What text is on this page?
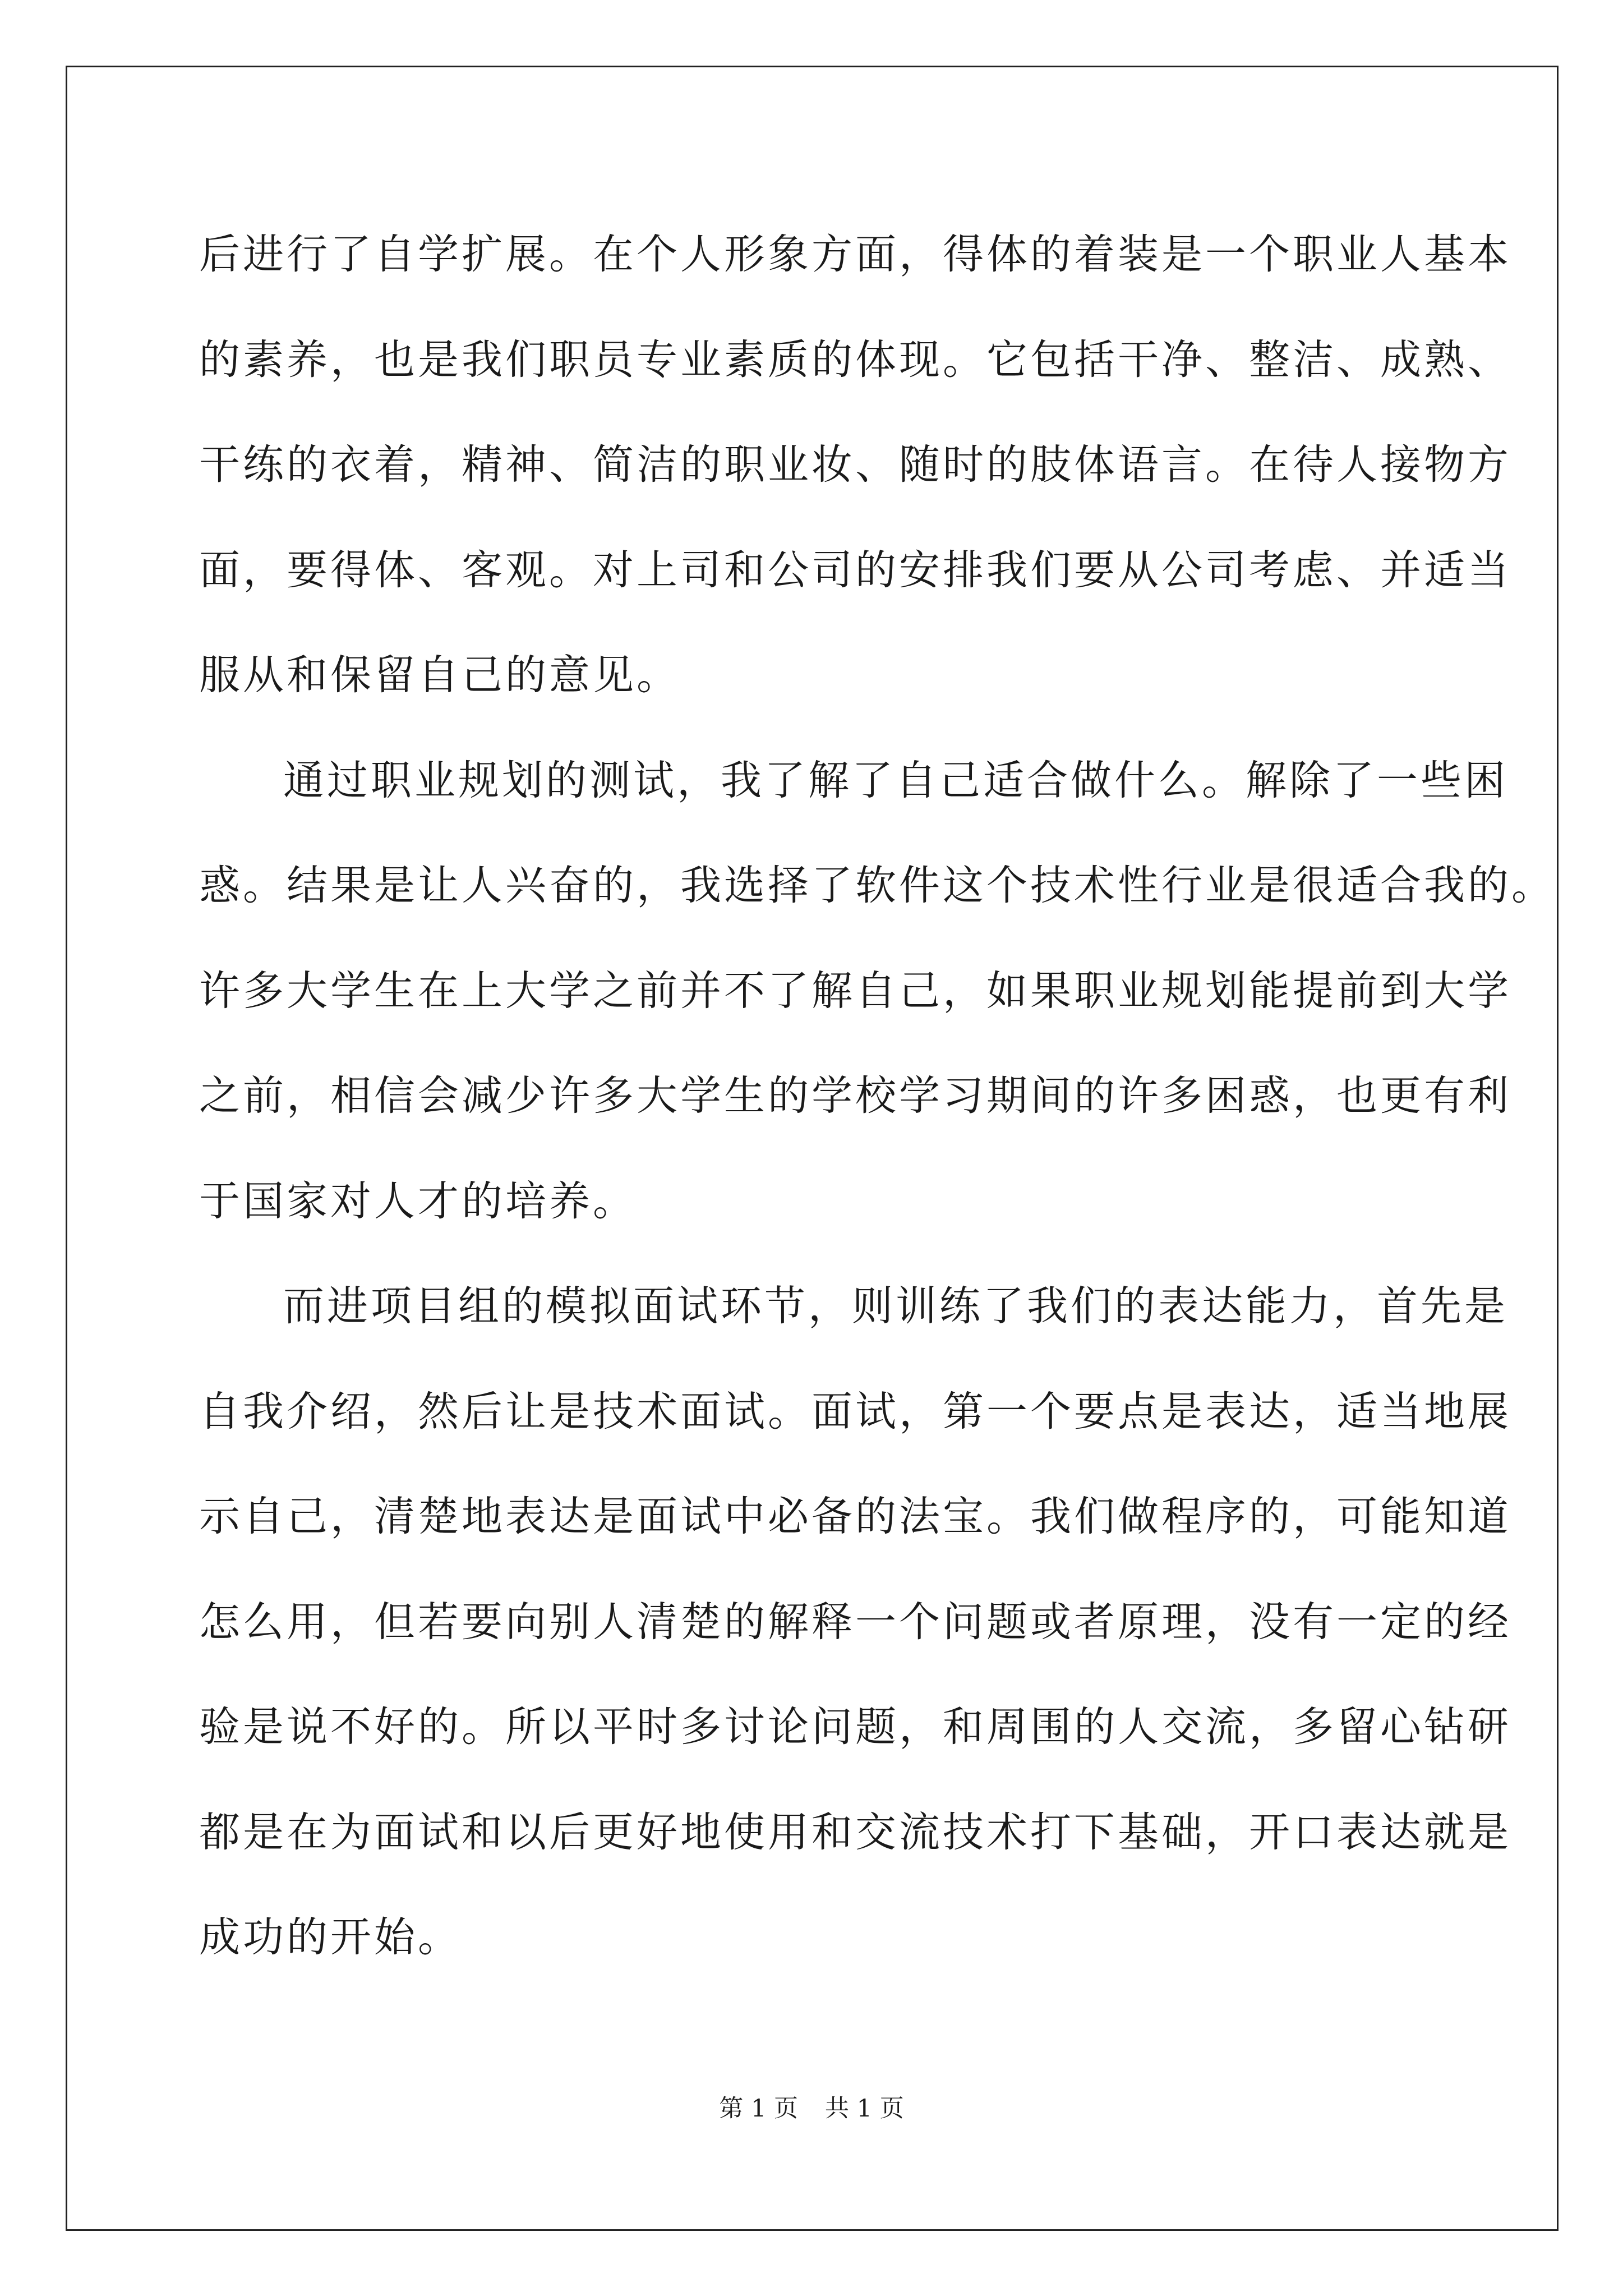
后进行了自学扩展。在个人形象方面，得体的着装是一个职业人基本
的素养，也是我们职员专业素质的体现。它包括干净、整洁、成熟、
干练的衣着，精神、简洁的职业妆、随时的肢体语言。在待人接物方
面，要得体、客观。对上司和公司的安排我们要从公司考虑、并适当
服从和保留自己的意见。
通过职业规划的测试，我了解了自己适合做什么。解除了一些困
惑。结果是让人兴奋的，我选择了软件这个技术性行业是很适合我的。
许多大学生在上大学之前并不了解自己，如果职业规划能提前到大学
之前，相信会减少许多大学生的学校学习期间的许多困惑，也更有利
于国家对人才的培养。
而进项目组的模拟面试环节，则训练了我们的表达能力，首先是
自我介绍，然后让是技术面试。面试，第一个要点是表达，适当地展
示自己，清楚地表达是面试中必备的法宝。我们做程序的，可能知道
怎么用，但若要向别人清楚的解释一个问题或者原理，没有一定的经
验是说不好的。所以平时多讨论问题，和周围的人交流，多留心钻研
都是在为面试和以后更好地使用和交流技术打下基础，开口表达就是
成功的开始。
第 1 页 共 1 页
